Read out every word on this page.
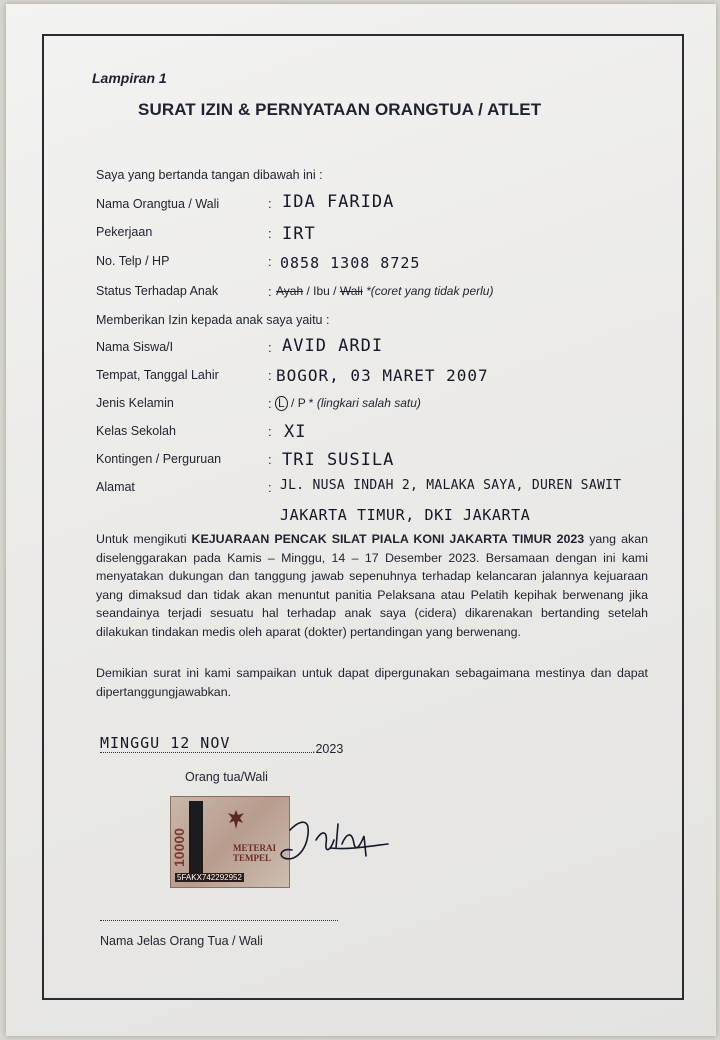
Lampiran 1
SURAT IZIN & PERNYATAAN ORANGTUA / ATLET
Saya yang bertanda tangan dibawah ini :
Nama Orangtua / Wali	: IDA FARIDA
Pekerjaan	: IRT
No. Telp / HP	: 0858 1308 8725
Status Terhadap Anak	: Ayah / Ibu / Wali *(coret yang tidak perlu)
Memberikan Izin kepada anak saya yaitu :
Nama Siswa/I	: AVID ARDI
Tempat, Tanggal Lahir	: BOGOR, 03 MARET 2007
Jenis Kelamin	: L / P * (lingkari salah satu)
Kelas Sekolah	: XI
Kontingen / Perguruan	: TRI SUSILA
Alamat	: JL. NUSA INDAH 2, MALAKA SAYA, DUREN SAWIT
JAKARTA TIMUR, DKI JAKARTA

Untuk mengikuti KEJUARAAN PENCAK SILAT PIALA KONI JAKARTA TIMUR 2023 yang akan diselenggarakan pada Kamis – Minggu, 14 – 17 Desember 2023. Bersamaan dengan ini kami menyatakan dukungan dan tanggung jawab sepenuhnya terhadap kelancaran jalannya kejuaraan yang dimaksud dan tidak akan menuntut panitia Pelaksana atau Pelatih kepihak berwenang jika seandainya terjadi sesuatu hal terhadap anak saya (cidera) dikarenakan bertanding setelah dilakukan tindakan medis oleh aparat (dokter) pertandingan yang berwenang.

Demikian surat ini kami sampaikan untuk dapat dipergunakan sebagaimana mestinya dan dapat dipertanggungjawabkan.

MINGGU 12 NOV	.2023
Orang tua/Wali
10000	METERAI
TEMPEL
5FAKX742292952
Nama Jelas Orang Tua / Wali
